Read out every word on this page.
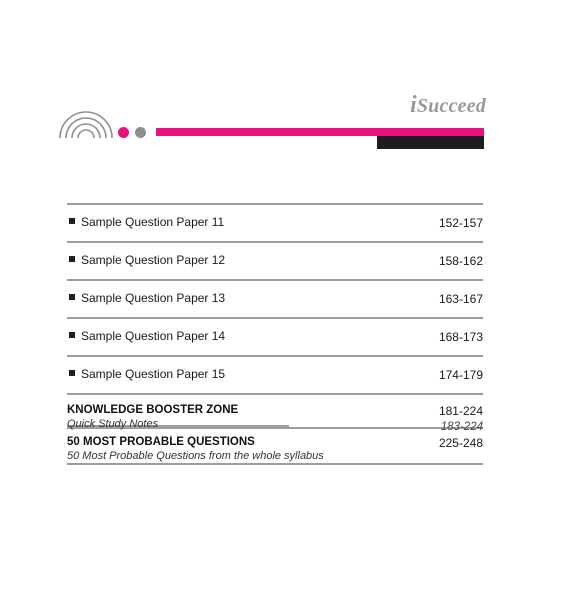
iSucceed
Sample Question Paper 11	152-157
Sample Question Paper 12	158-162
Sample Question Paper 13	163-167
Sample Question Paper 14	168-173
Sample Question Paper 15	174-179
KNOWLEDGE BOOSTER ZONE	181-224
Quick Study Notes	183-224
50 MOST PROBABLE QUESTIONS	225-248
50 Most Probable Questions from the whole syllabus
